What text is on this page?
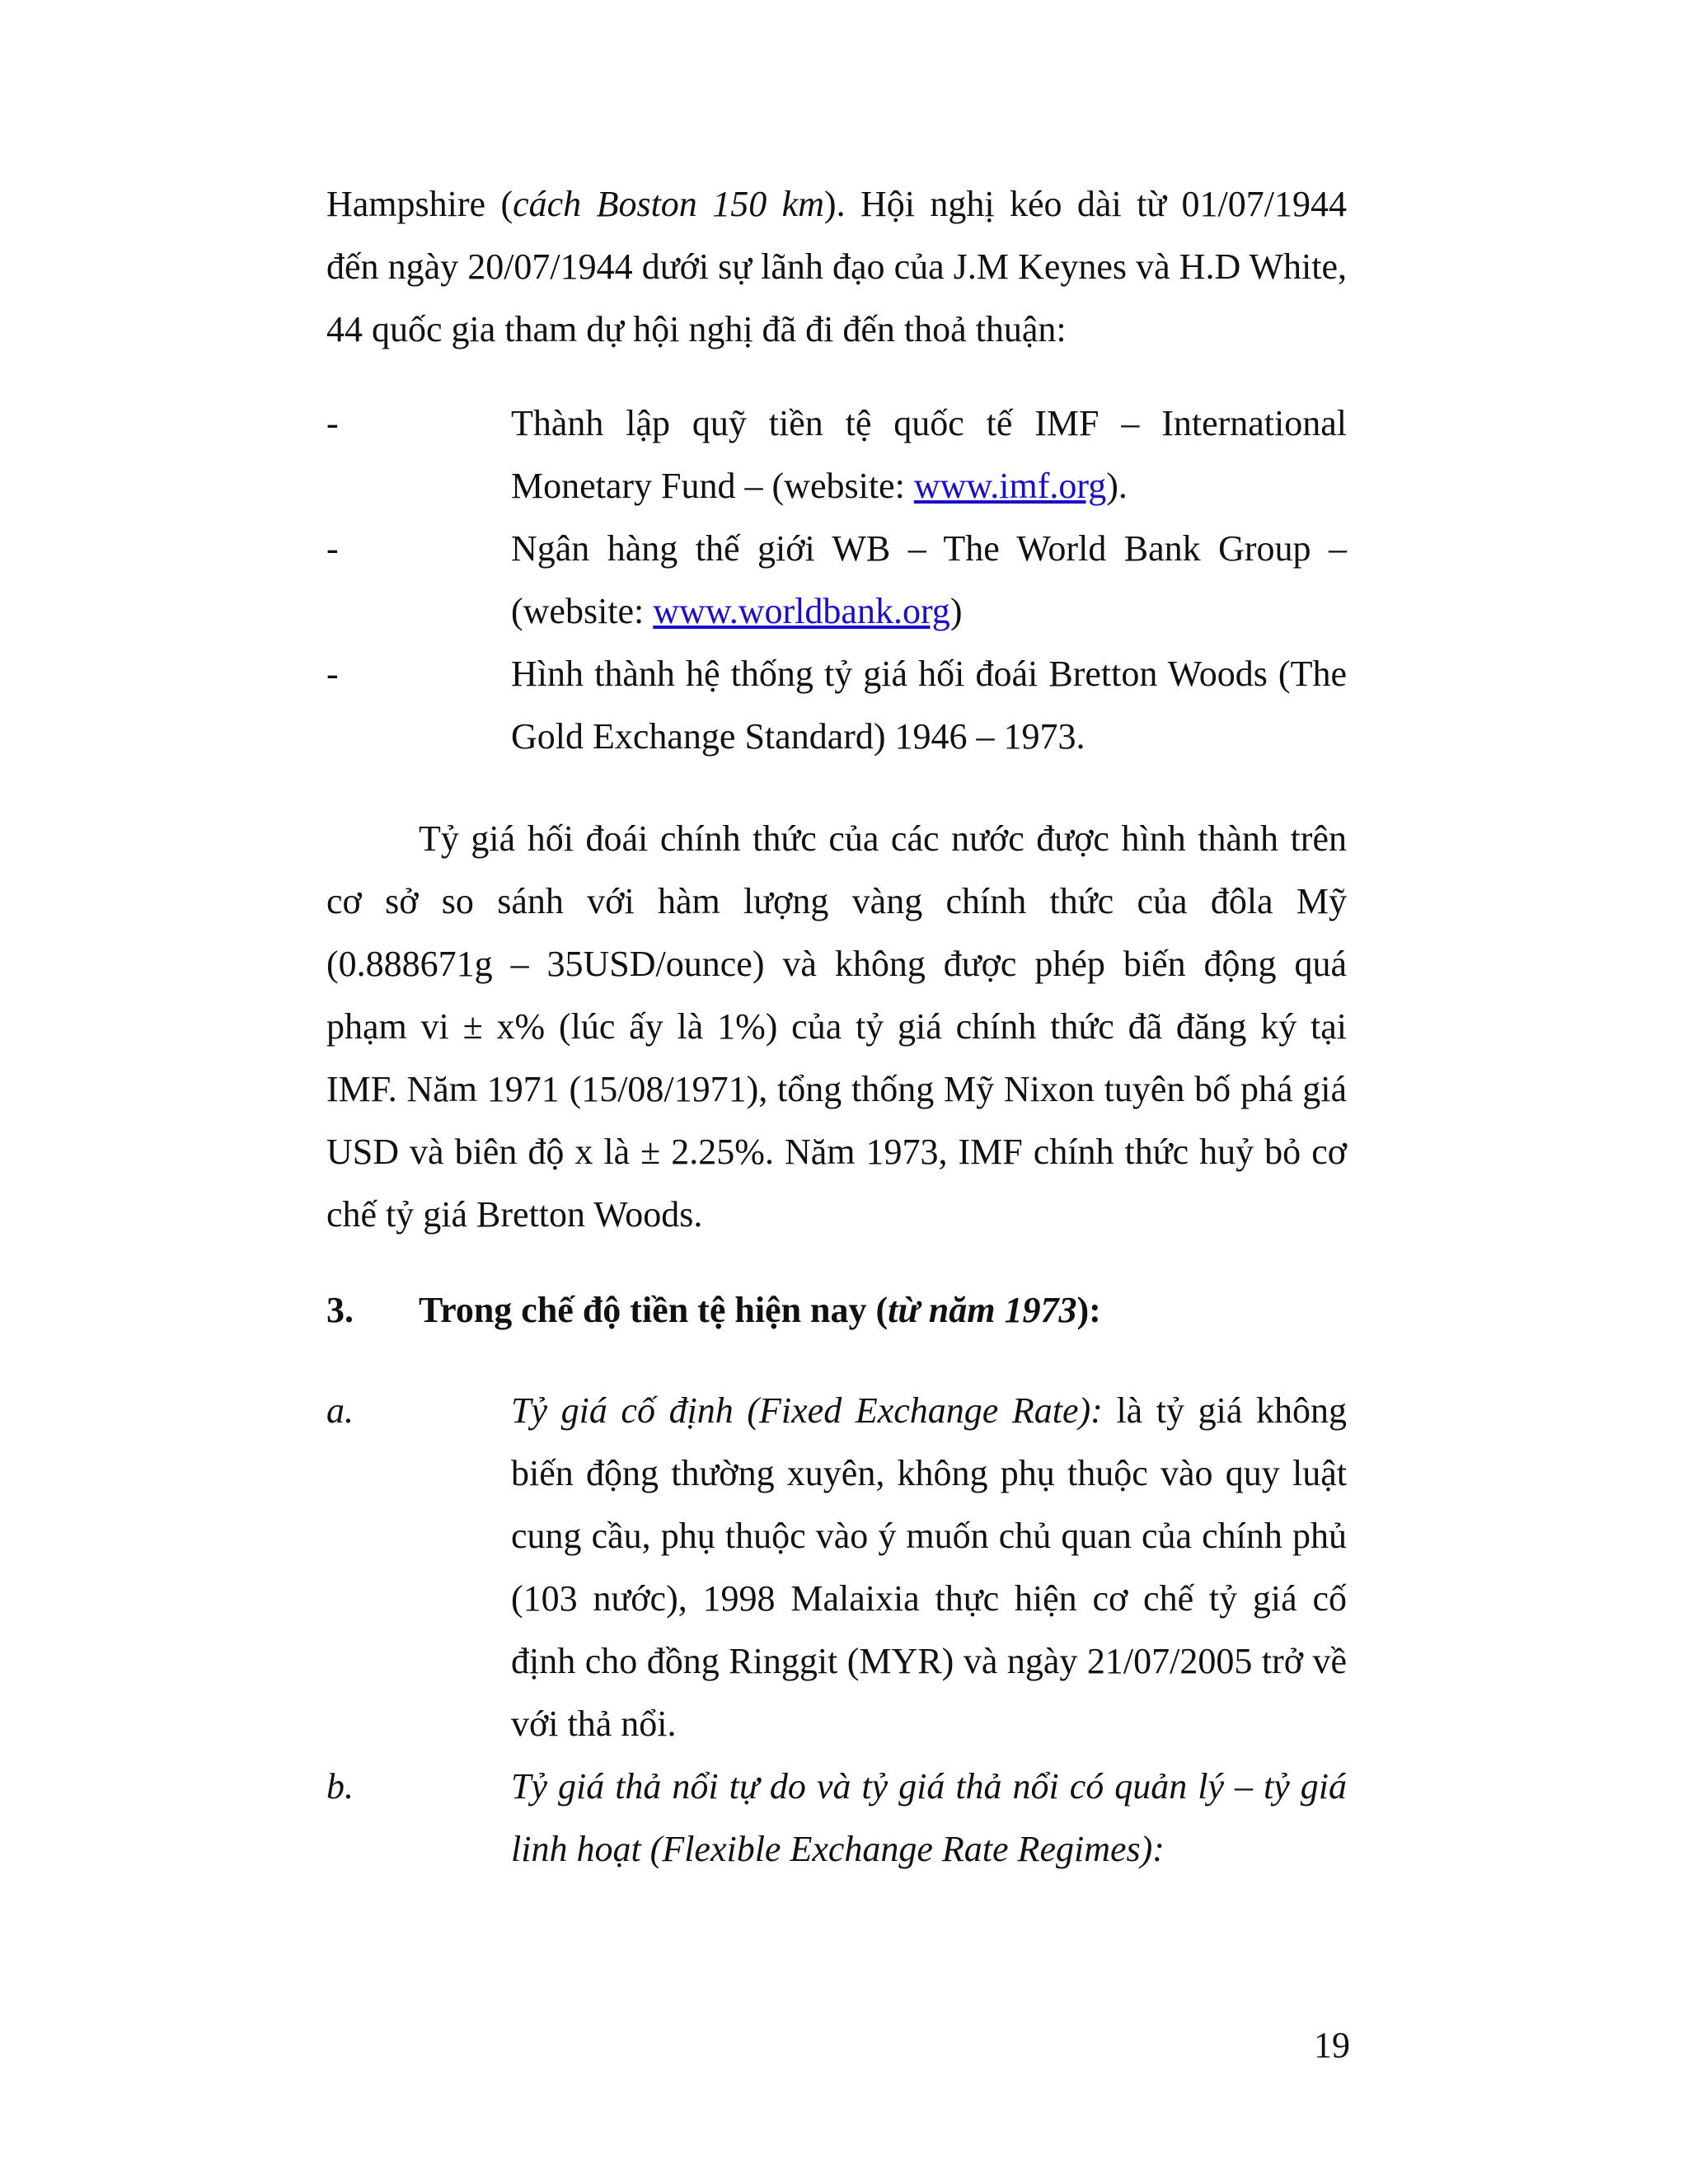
Hampshire (cách Boston 150 km). Hội nghị kéo dài từ 01/07/1944 đến ngày 20/07/1944 dưới sự lãnh đạo của J.M Keynes và H.D White, 44 quốc gia tham dự hội nghị đã đi đến thoả thuận:

-	Thành lập quỹ tiền tệ quốc tế IMF – International Monetary Fund – (website: www.imf.org).

-	Ngân hàng thế giới WB – The World Bank Group – (website: www.worldbank.org)

-	Hình thành hệ thống tỷ giá hối đoái Bretton Woods (The Gold Exchange Standard) 1946 – 1973.

Tỷ giá hối đoái chính thức của các nước được hình thành trên cơ sở so sánh với hàm lượng vàng chính thức của đôla Mỹ (0.888671g – 35USD/ounce) và không được phép biến động quá phạm vi ± x% (lúc ấy là 1%) của tỷ giá chính thức đã đăng ký tại IMF. Năm 1971 (15/08/1971), tổng thống Mỹ Nixon tuyên bố phá giá USD và biên độ x là ± 2.25%. Năm 1973, IMF chính thức huỷ bỏ cơ chế tỷ giá Bretton Woods.

3. Trong chế độ tiền tệ hiện nay (từ năm 1973):
a.	Tỷ giá cố định (Fixed Exchange Rate): là tỷ giá không biến động thường xuyên, không phụ thuộc vào quy luật cung cầu, phụ thuộc vào ý muốn chủ quan của chính phủ (103 nước), 1998 Malaixia thực hiện cơ chế tỷ giá cố định cho đồng Ringgit (MYR) và ngày 21/07/2005 trở về với thả nổi.

b.	Tỷ giá thả nổi tự do và tỷ giá thả nổi có quản lý – tỷ giá linh hoạt (Flexible Exchange Rate Regimes):

19
